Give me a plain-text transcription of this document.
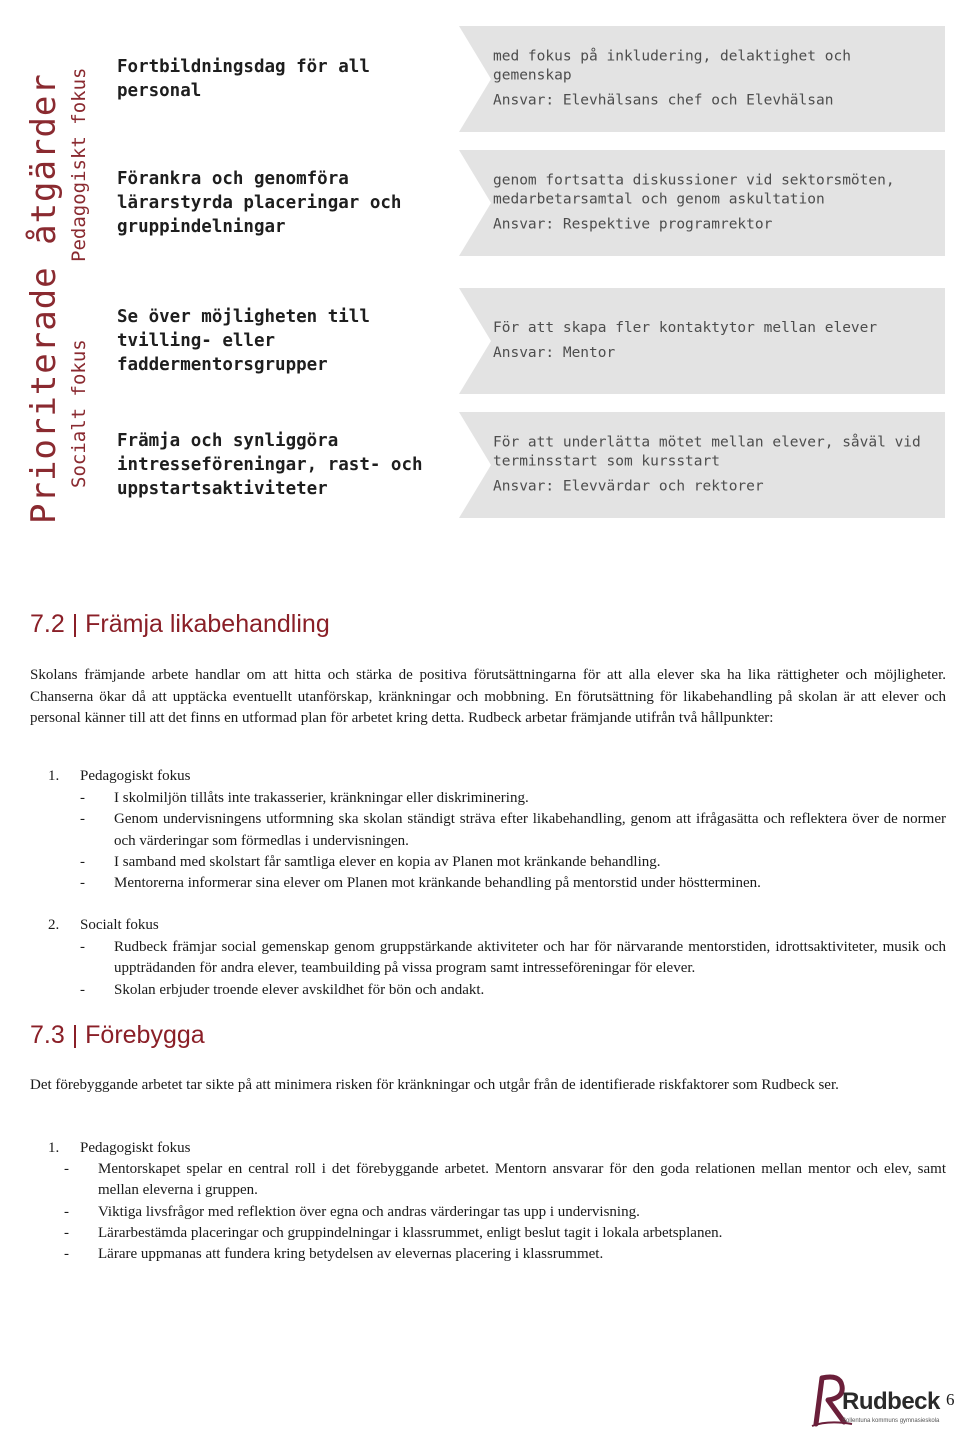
Prioriterade åtgärder Pedagogiskt fokus
Socialt fokus
Fortbildningsdag för all personal
med fokus på inkludering, delaktighet och gemenskap
Ansvar: Elevhälsans chef och Elevhälsan
Förankra och genomföra lärarstyrda placeringar och gruppindelningar
genom fortsatta diskussioner vid sektorsmöten, medarbetarsamtal och genom askultation
Ansvar: Respektive programrektor
Se över möjligheten till tvilling- eller faddermentorsgrupper
För att skapa fler kontaktytor mellan elever
Ansvar: Mentor
Främja och synliggöra intresseföreningar, rast- och uppstartsaktiviteter
För att underlätta mötet mellan elever, såväl vid terminsstart som kursstart
Ansvar: Elevvärdar och rektorer
7.2 | Främja likabehandling

Skolans främjande arbete handlar om att hitta och stärka de positiva förutsättningarna för att alla elever ska ha lika rättigheter och möjligheter. Chanserna ökar då att upptäcka eventuellt utanförskap, kränkningar och mobbning. En förutsättning för likabehandling på skolan är att elever och personal känner till att det finns en utformad plan för arbetet kring detta. Rudbeck arbetar främjande utifrån två hållpunkter:

1. Pedagogiskt fokus
- I skolmiljön tillåts inte trakasserier, kränkningar eller diskriminering.
- Genom undervisningens utformning ska skolan ständigt sträva efter likabehandling, genom att ifrågasätta och reflektera över de normer och värderingar som förmedlas i undervisningen.
- I samband med skolstart får samtliga elever en kopia av Planen mot kränkande behandling.
- Mentorerna informerar sina elever om Planen mot kränkande behandling på mentorstid under höstterminen.
2. Socialt fokus
- Rudbeck främjar social gemenskap genom gruppstärkande aktiviteter och har för närvarande mentorstiden, idrottsaktiviteter, musik och uppträdanden för andra elever, teambuilding på vissa program samt intresseföreningar för elever.
- Skolan erbjuder troende elever avskildhet för bön och andakt.
7.3 | Förebygga

Det förebyggande arbetet tar sikte på att minimera risken för kränkningar och utgår från de identifierade riskfaktorer som Rudbeck ser.

1. Pedagogiskt fokus
- Mentorskapet spelar en central roll i det förebyggande arbetet. Mentorn ansvarar för den goda relationen mellan mentor och elev, samt mellan eleverna i gruppen.
- Viktiga livsfrågor med reflektion över egna och andras värderingar tas upp i undervisning.
- Lärarbestämda placeringar och gruppindelningar i klassrummet, enligt beslut tagit i lokala arbetsplanen.
- Lärare uppmanas att fundera kring betydelsen av elevernas placering i klassrummet.
Rudbeck
Sollentuna kommuns gymnasieskola
6
